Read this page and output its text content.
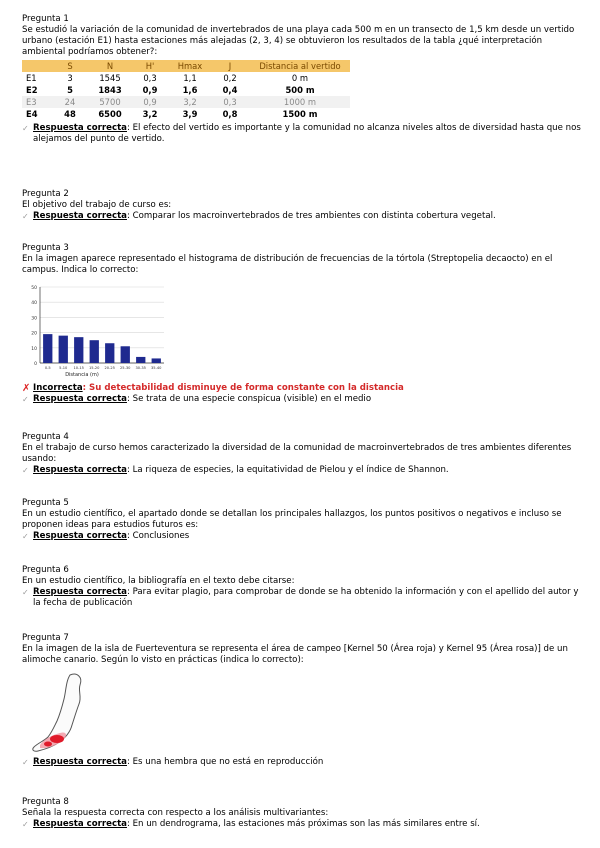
Pregunta 1
Se estudió la variación de la comunidad de invertebrados de una playa cada 500 m en un transecto de 1,5 km desde un vertido urbano (estación E1) hasta estaciones más alejadas (2, 3, 4) se obtuvieron los resultados de la tabla ¿qué interpretación ambiental podríamos obtener?:
	S	N	H'	Hmax	J	Distancia al vertido
E1	3	1545	0,3	1,1	0,2	0 m
E2	5	1843	0,9	1,6	0,4	500 m
E3	24	5700	0,9	3,2	0,3	1000 m
E4	48	6500	3,2	3,9	0,8	1500 m
✓ Respuesta correcta: El efecto del vertido es importante y la comunidad no alcanza niveles altos de diversidad hasta que nos alejamos del punto de vertido.
Pregunta 2
El objetivo del trabajo de curso es:
✓ Respuesta correcta: Comparar los macroinvertebrados de tres ambientes con distinta cobertura vegetal.
Pregunta 3
En la imagen aparece representado el histograma de distribución de frecuencias de la tórtola (Streptopelia decaocto) en el campus. Indica lo correcto:
0
10
20
30
40
50
0-5 5-10 10-15 15-20 20-25 25-30 30-35 35-40
Distancia (m)
✗ Incorrecta: Su detectabilidad disminuye de forma constante con la distancia
✓ Respuesta correcta: Se trata de una especie conspicua (visible) en el medio
Pregunta 4
En el trabajo de curso hemos caracterizado la diversidad de la comunidad de macroinvertebrados de tres ambientes diferentes usando:
✓ Respuesta correcta: La riqueza de especies, la equitatividad de Pielou y el índice de Shannon.
Pregunta 5
En un estudio científico, el apartado donde se detallan los principales hallazgos, los puntos positivos o negativos e incluso se proponen ideas para estudios futuros es:
✓ Respuesta correcta: Conclusiones
Pregunta 6
En un estudio científico, la bibliografía en el texto debe citarse:
✓ Respuesta correcta: Para evitar plagio, para comprobar de donde se ha obtenido la información y con el apellido del autor y la fecha de publicación
Pregunta 7
En la imagen de la isla de Fuerteventura se representa el área de campeo [Kernel 50 (Área roja) y Kernel 95 (Área rosa)] de un alimoche canario. Según lo visto en prácticas (indica lo correcto):
✓ Respuesta correcta: Es una hembra que no está en reproducción
Pregunta 8
Señala la respuesta correcta con respecto a los análisis multivariantes:
✓ Respuesta correcta: En un dendrograma, las estaciones más próximas son las más similares entre sí.
